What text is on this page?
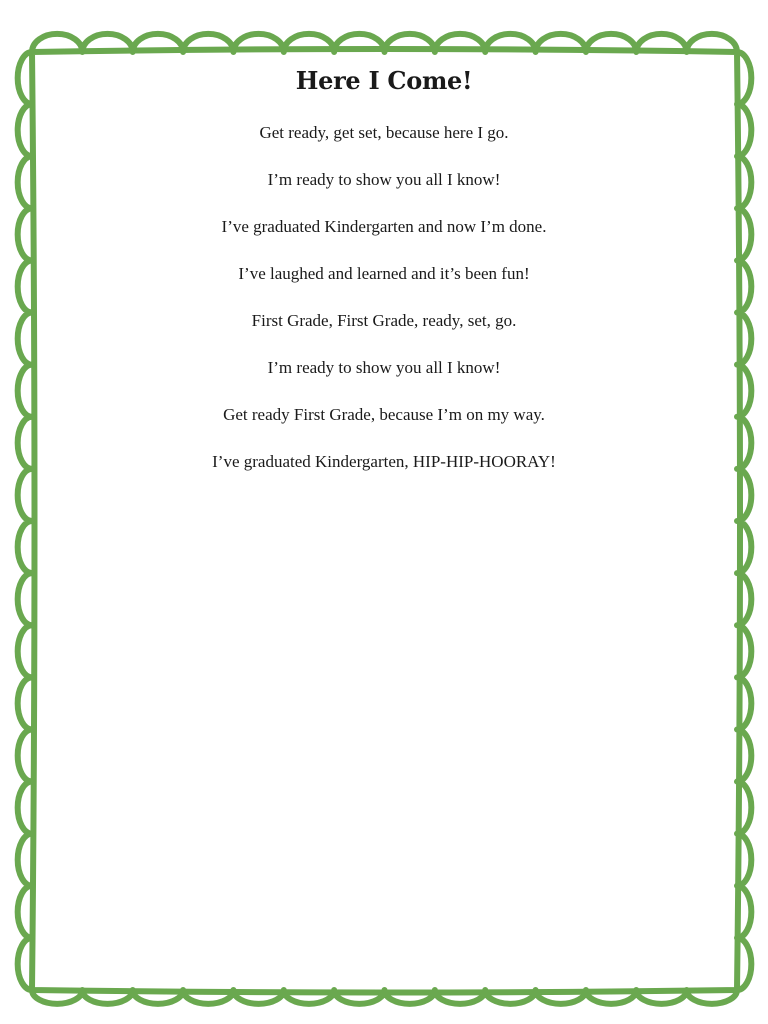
Here I Come!
Get ready, get set, because here I go.
I’m ready to show you all I know!
I’ve graduated Kindergarten and now I’m done.
I’ve laughed and learned and it’s been fun!
First Grade, First Grade, ready, set, go.
I’m ready to show you all I know!
Get ready First Grade, because I’m on my way.
I’ve graduated Kindergarten, HIP-HIP-HOORAY!
